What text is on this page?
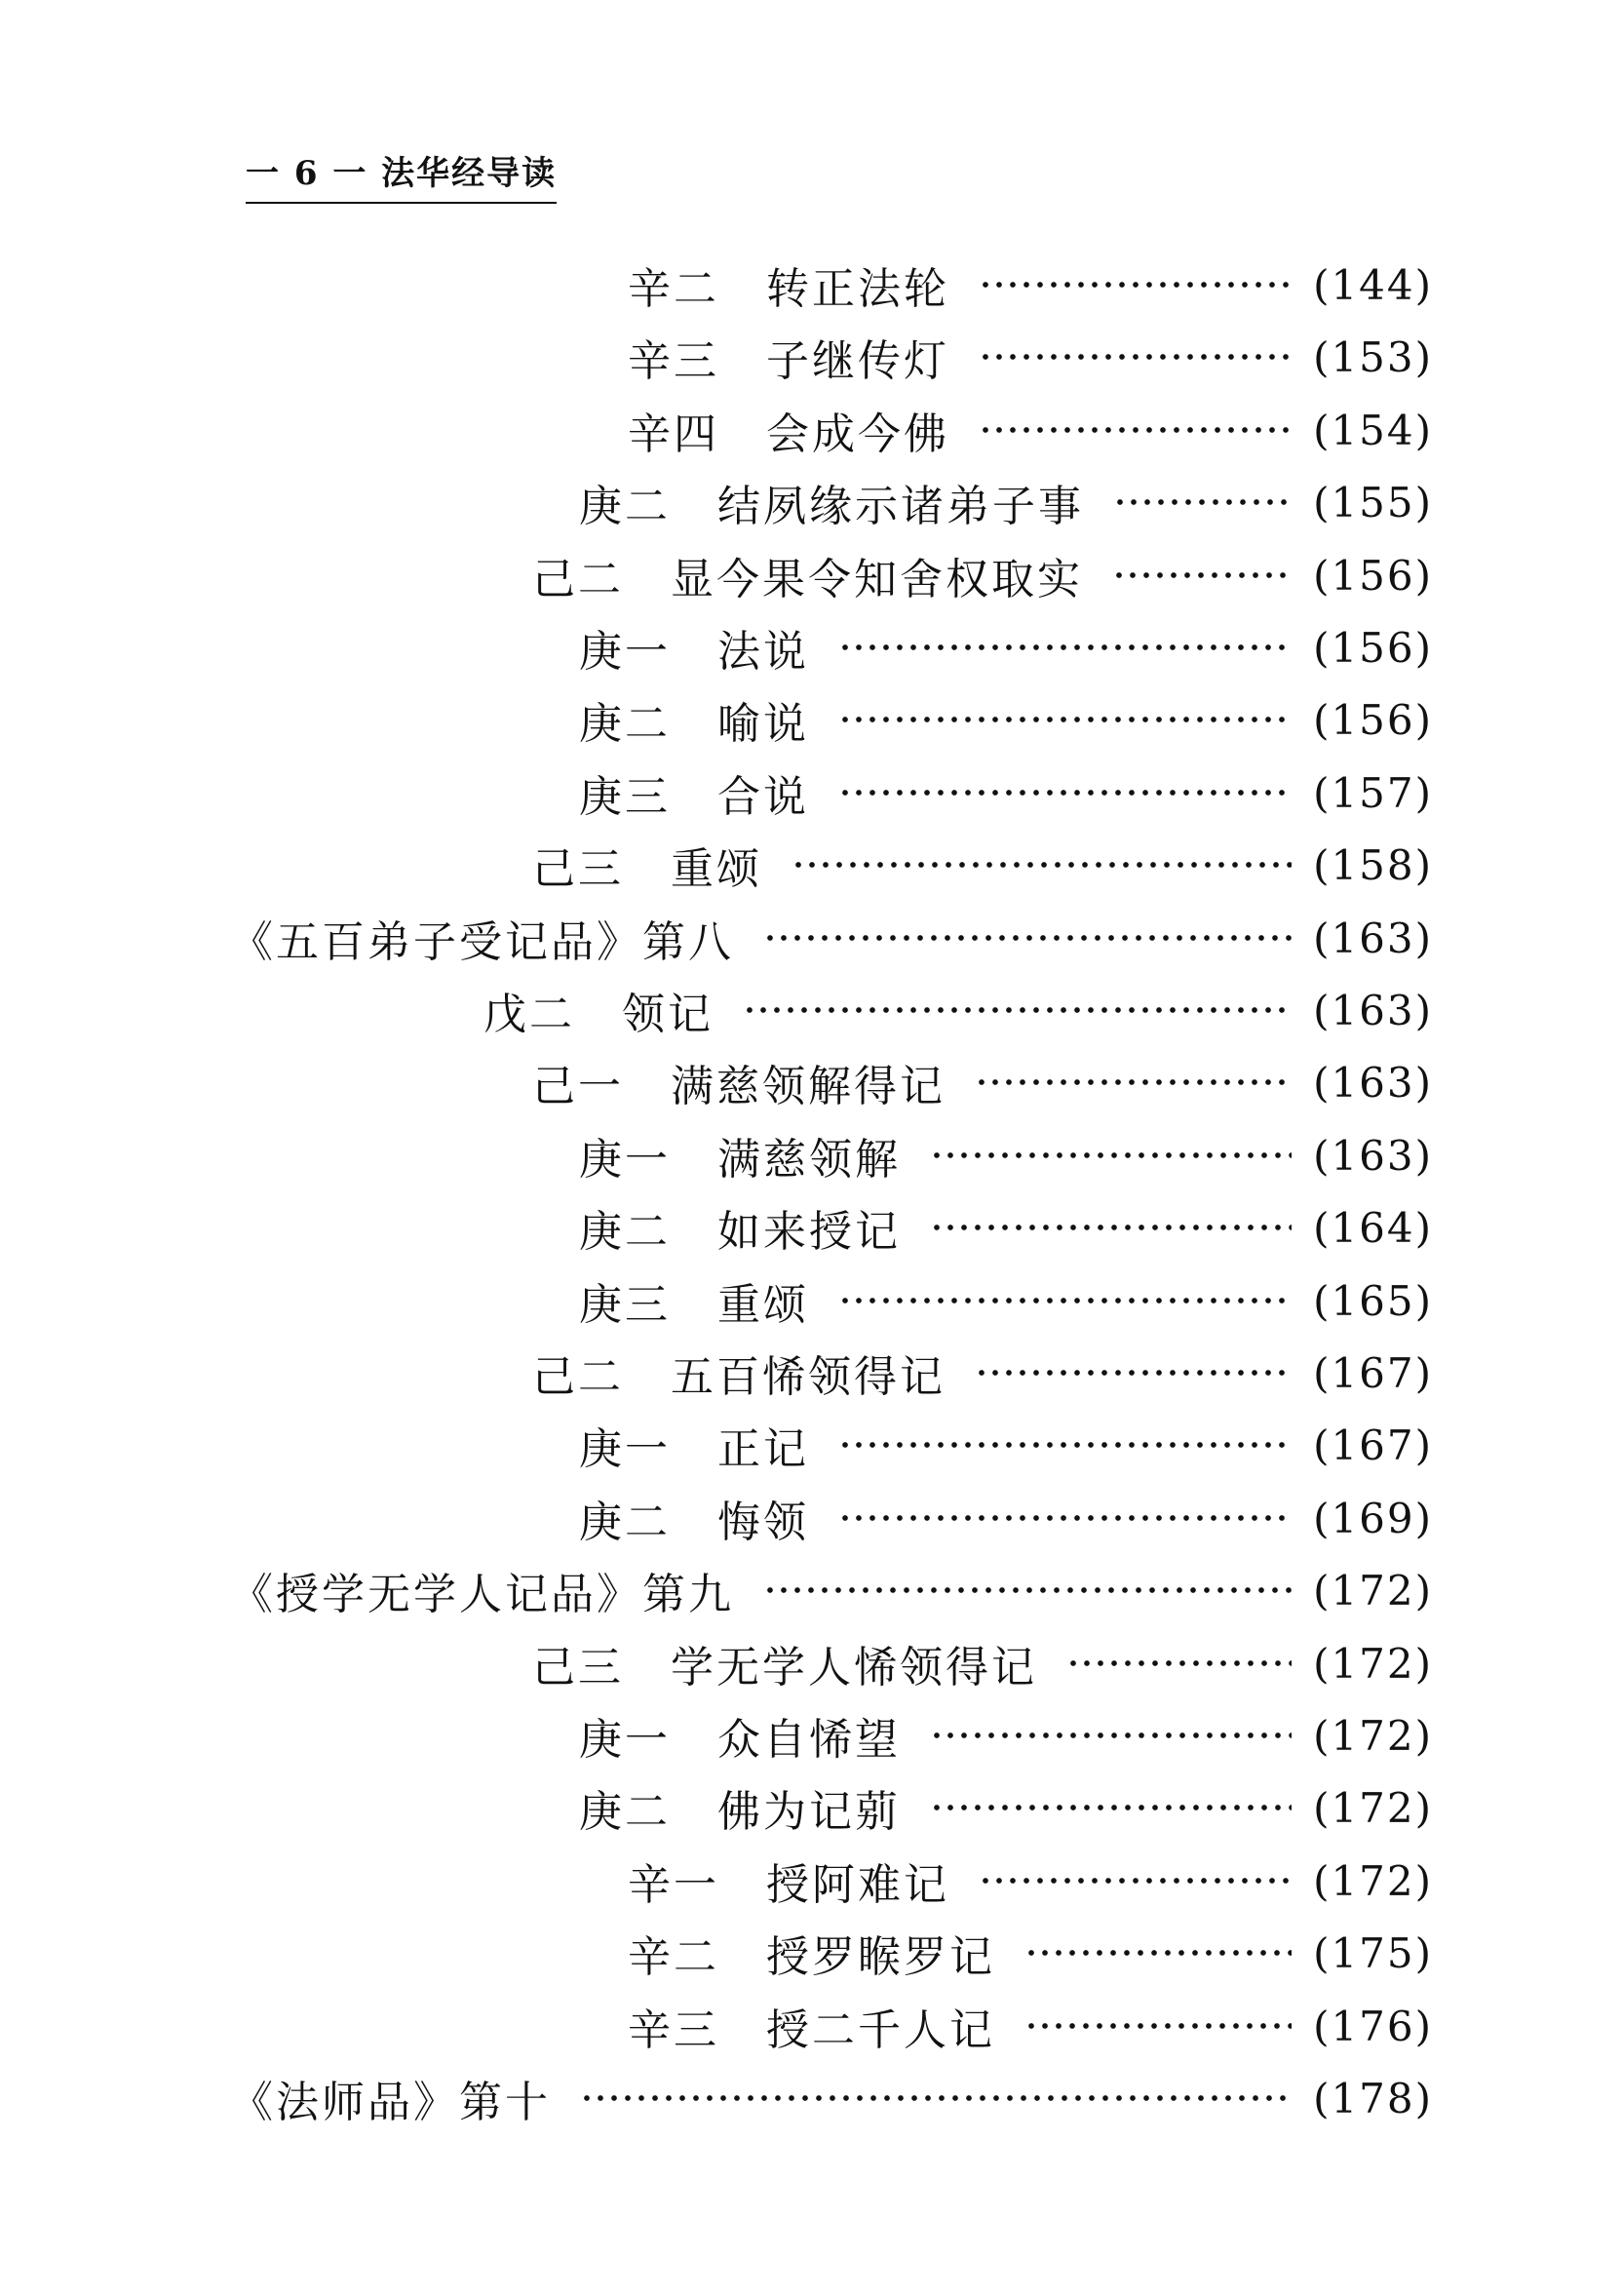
一 6 一 法华经导读
辛二 转正法轮	(144)
辛三 子继传灯	(153)
辛四 会成今佛	(154)
庚二 结夙缘示诸弟子事	(155)
己二 显今果令知舍权取实	(156)
庚一 法说	(156)
庚二 喻说	(156)
庚三 合说	(157)
己三 重颂	(158)
《五百弟子受记品》第八	(163)
戊二 领记	(163)
己一 满慈领解得记	(163)
庚一 满慈领解	(163)
庚二 如来授记	(164)
庚三 重颂	(165)
己二 五百悕领得记	(167)
庚一 正记	(167)
庚二 悔领	(169)
《授学无学人记品》第九	(172)
己三 学无学人悕领得记	(172)
庚一 众自悕望	(172)
庚二 佛为记莂	(172)
辛一 授阿难记	(172)
辛二 授罗睺罗记	(175)
辛三 授二千人记	(176)
《法师品》第十	(178)
